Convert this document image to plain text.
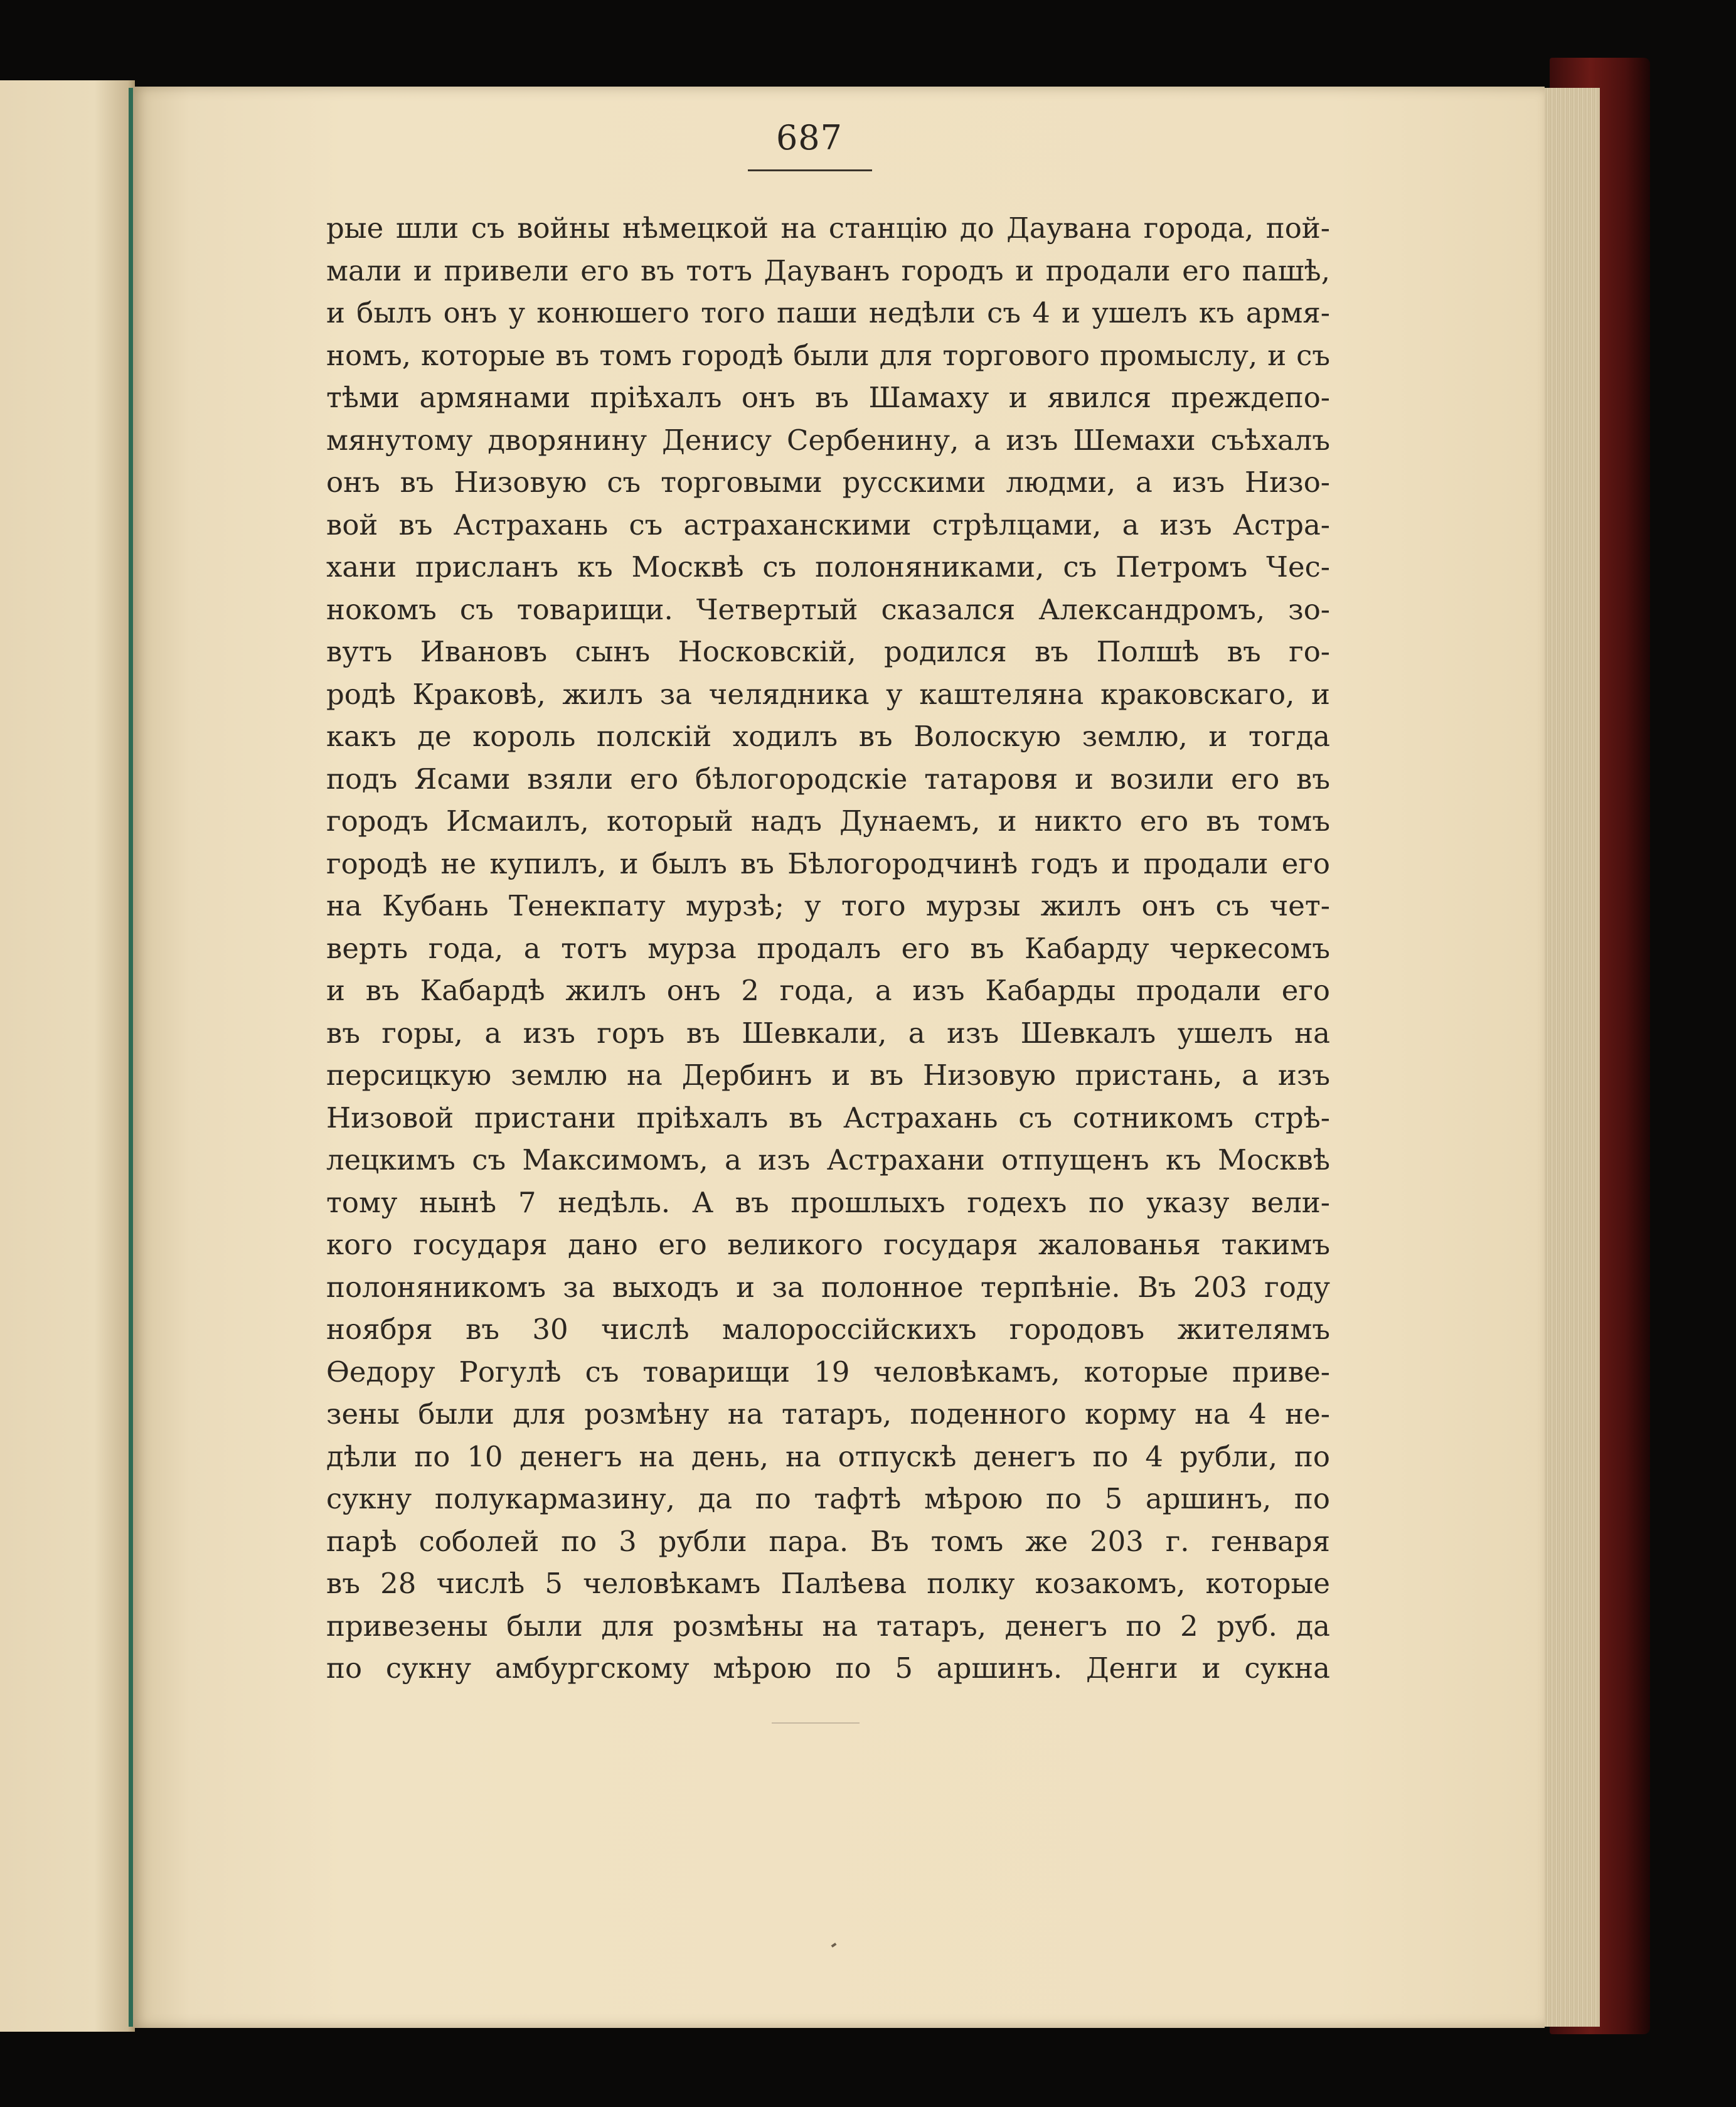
687
рые шли съ войны нѣмецкой на станцію до Даувана города, пой-
мали и привели его въ тотъ Дауванъ городъ и продали его пашѣ,
и былъ онъ у конюшего того паши недѣли съ 4 и ушелъ къ армя-
номъ, которые въ томъ городѣ были для торгового промыслу, и съ
тѣми армянами пріѣхалъ онъ въ Шамаху и явился преждепо-
мянутому дворянину Денису Сербенину, а изъ Шемахи съѣхалъ
онъ въ Низовую съ торговыми русскими людми, а изъ Низо-
вой въ Астрахань съ астраханскими стрѣлцами, а изъ Астра-
хани присланъ къ Москвѣ съ полоняниками, съ Петромъ Чес-
нокомъ съ товарищи. Четвертый сказался Александромъ, зо-
вутъ Ивановъ сынъ Носковскій, родился въ Полшѣ въ го-
родѣ Краковѣ, жилъ за челядника у каштеляна краковскаго, и
какъ де король полскій ходилъ въ Волоскую землю, и тогда
подъ Ясами взяли его бѣлогородскіе татаровя и возили его въ
городъ Исмаилъ, который надъ Дунаемъ, и никто его въ томъ
городѣ не купилъ, и былъ въ Бѣлогородчинѣ годъ и продали его
на Кубань Тенекпату мурзѣ; у того мурзы жилъ онъ съ чет-
верть года, а тотъ мурза продалъ его въ Кабарду черкесомъ
и въ Кабардѣ жилъ онъ 2 года, а изъ Кабарды продали его
въ горы, а изъ горъ въ Шевкали, а изъ Шевкалъ ушелъ на
персицкую землю на Дербинъ и въ Низовую пристань, а изъ
Низовой пристани пріѣхалъ въ Астрахань съ сотникомъ стрѣ-
лецкимъ съ Максимомъ, а изъ Астрахани отпущенъ къ Москвѣ
тому нынѣ 7 недѣль. А въ прошлыхъ годехъ по указу вели-
кого государя дано его великого государя жалованья такимъ
полоняникомъ за выходъ и за полонное терпѣніе. Въ 203 году
ноября въ 30 числѣ малороссійскихъ городовъ жителямъ
Ѳедору Рогулѣ съ товарищи 19 человѣкамъ, которые приве-
зены были для розмѣну на татаръ, поденного корму на 4 не-
дѣли по 10 денегъ на день, на отпускѣ денегъ по 4 рубли, по
сукну полукармазину, да по тафтѣ мѣрою по 5 аршинъ, по
парѣ соболей по 3 рубли пара. Въ томъ же 203 г. генваря
въ 28 числѣ 5 человѣкамъ Палѣева полку козакомъ, которые
привезены были для розмѣны на татаръ, денегъ по 2 руб. да
по сукну амбургскому мѣрою по 5 аршинъ. Денги и сукна
